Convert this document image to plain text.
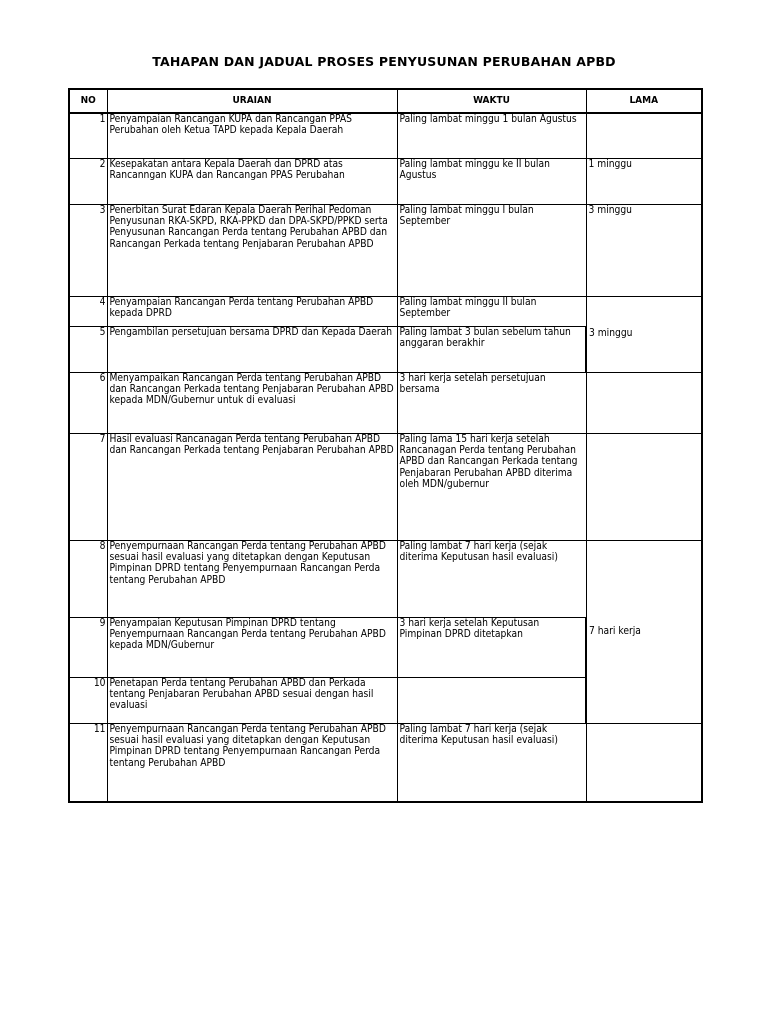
TAHAPAN DAN JADUAL PROSES PENYUSUNAN PERUBAHAN APBD
NO	URAIAN	WAKTU	LAMA
1	Penyampaian Rancangan KUPA dan Rancangan PPAS Perubahan oleh Ketua TAPD kepada Kepala Daerah	Paling lambat minggu 1 bulan Agustus	
2	Kesepakatan antara Kepala Daerah dan DPRD atas Rancanngan KUPA dan Rancangan PPAS Perubahan	Paling lambat minggu ke II bulan Agustus	1 minggu
3	Penerbitan Surat Edaran Kepala Daerah Perihal Pedoman Penyusunan RKA-SKPD, RKA-PPKD dan DPA-SKPD/PPKD serta Penyusunan Rancangan Perda tentang Perubahan APBD dan Rancangan Perkada tentang Penjabaran Perubahan APBD	Paling lambat minggu I bulan September	3 minggu
4	Penyampaian Rancangan Perda tentang Perubahan APBD kepada DPRD	Paling lambat minggu II bulan September	3 minggu
5	Pengambilan persetujuan bersama DPRD dan Kepada Daerah	Paling lambat 3 bulan sebelum tahun anggaran berakhir	
6	Menyampaikan Rancangan Perda tentang Perubahan APBD dan Rancangan Perkada tentang Penjabaran Perubahan APBD kepada MDN/Gubernur untuk di evaluasi	3 hari kerja setelah persetujuan bersama	
7	Hasil evaluasi Rancanagan Perda tentang Perubahan APBD dan Rancangan Perkada tentang Penjabaran Perubahan APBD	Paling lama 15 hari kerja setelah Rancanagan Perda tentang Perubahan APBD dan Rancangan Perkada tentang Penjabaran Perubahan APBD diterima oleh MDN/gubernur	
8	Penyempurnaan Rancangan Perda tentang Perubahan APBD sesuai hasil evaluasi yang ditetapkan dengan Keputusan Pimpinan DPRD tentang Penyempurnaan Rancangan Perda tentang Perubahan APBD	Paling lambat 7 hari kerja (sejak diterima Keputusan hasil evaluasi)	7 hari kerja
9	Penyampaian Keputusan Pimpinan DPRD tentang Penyempurnaan Rancangan Perda tentang Perubahan APBD kepada MDN/Gubernur	3 hari kerja setelah Keputusan Pimpinan DPRD ditetapkan	
10	Penetapan Perda tentang Perubahan APBD dan Perkada tentang Penjabaran Perubahan APBD sesuai dengan hasil evaluasi		
11	Penyempurnaan Rancangan Perda tentang Perubahan APBD sesuai hasil evaluasi yang ditetapkan dengan Keputusan Pimpinan DPRD tentang Penyempurnaan Rancangan Perda tentang Perubahan APBD	Paling lambat 7 hari kerja (sejak diterima Keputusan hasil evaluasi)	
